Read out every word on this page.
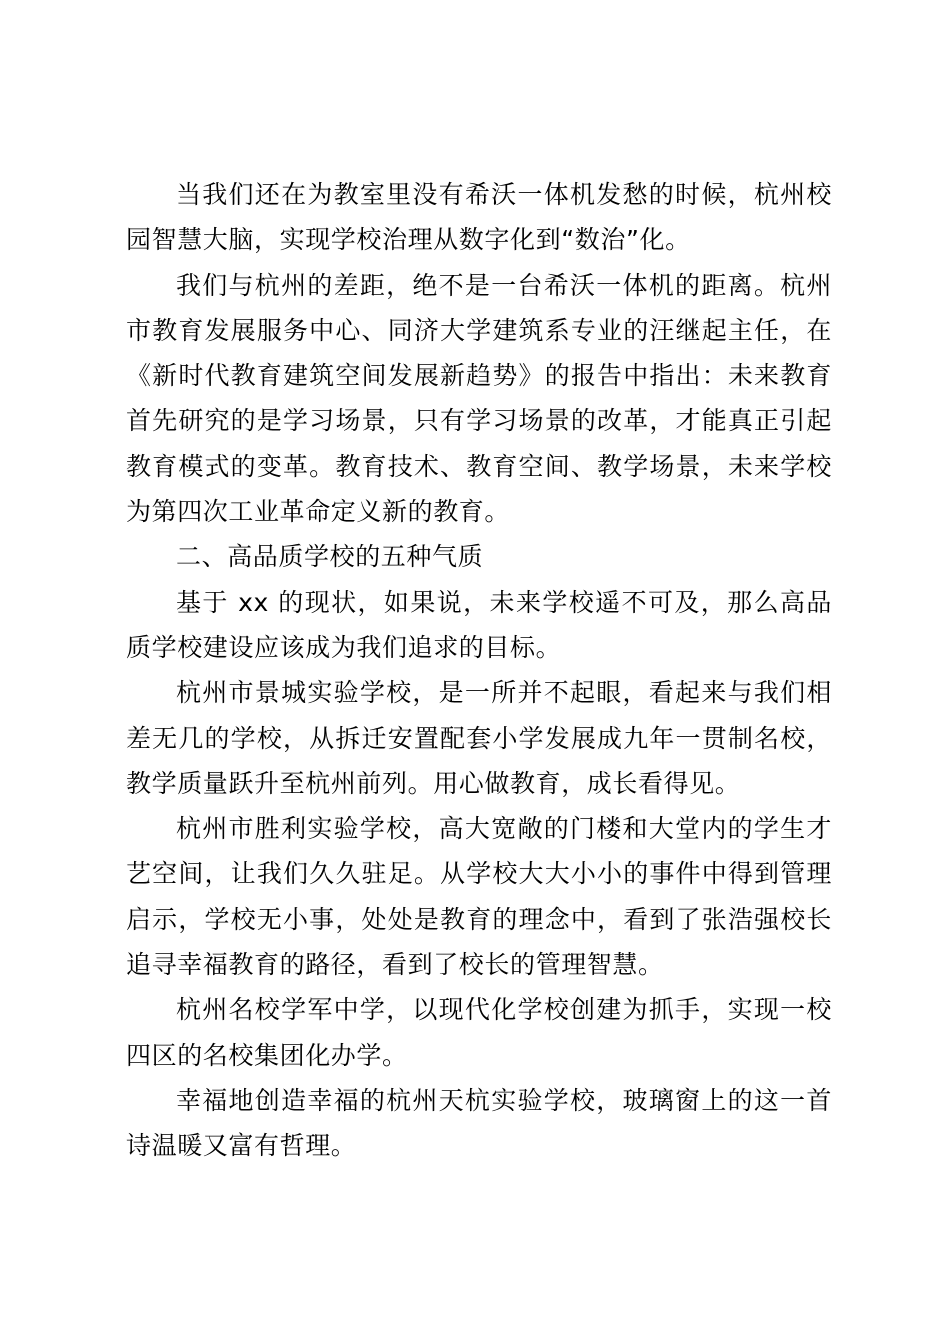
当我们还在为教室里没有希沃一体机发愁的时候，杭州校园智慧大脑，实现学校治理从数字化到“数治”化。

我们与杭州的差距，绝不是一台希沃一体机的距离。杭州市教育发展服务中心、同济大学建筑系专业的汪继起主任，在《新时代教育建筑空间发展新趋势》的报告中指出：未来教育首先研究的是学习场景，只有学习场景的改革，才能真正引起教育模式的变革。教育技术、教育空间、教学场景，未来学校为第四次工业革命定义新的教育。

二、高品质学校的五种气质

基于 xx 的现状，如果说，未来学校遥不可及，那么高品质学校建设应该成为我们追求的目标。

杭州市景城实验学校，是一所并不起眼，看起来与我们相差无几的学校，从拆迁安置配套小学发展成九年一贯制名校，教学质量跃升至杭州前列。用心做教育，成长看得见。

杭州市胜利实验学校，高大宽敞的门楼和大堂内的学生才艺空间，让我们久久驻足。从学校大大小小的事件中得到管理启示，学校无小事，处处是教育的理念中，看到了张浩强校长追寻幸福教育的路径，看到了校长的管理智慧。

杭州名校学军中学，以现代化学校创建为抓手，实现一校四区的名校集团化办学。

幸福地创造幸福的杭州天杭实验学校，玻璃窗上的这一首诗温暖又富有哲理。
